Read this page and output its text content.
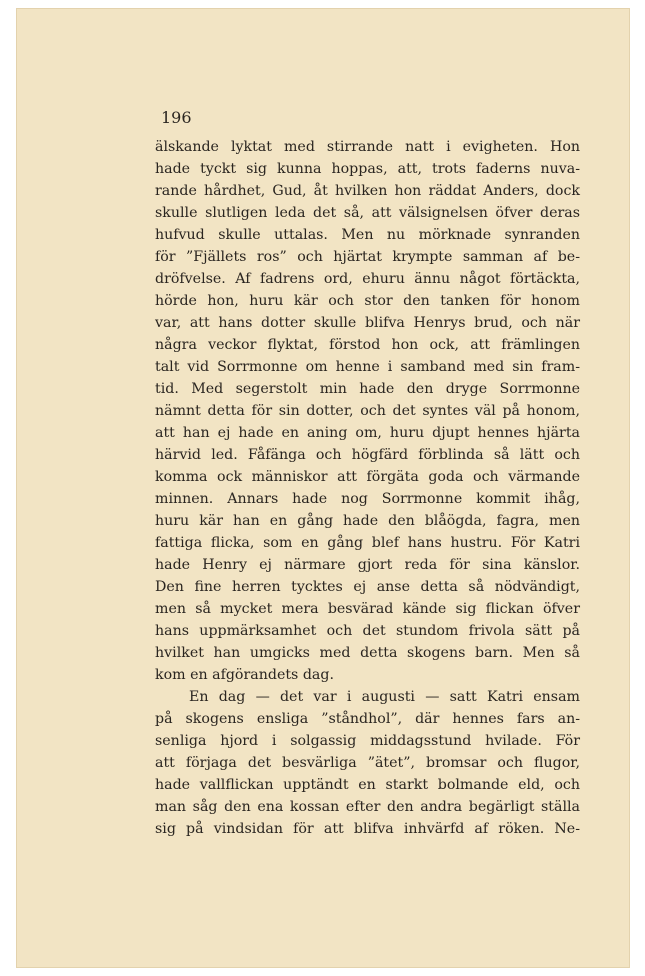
196
älskande lyktat med stirrande natt i evigheten. Hon
hade tyckt sig kunna hoppas, att, trots faderns nuva-
rande hårdhet, Gud, åt hvilken hon räddat Anders, dock
skulle slutligen leda det så, att välsignelsen öfver deras
hufvud skulle uttalas. Men nu mörknade synranden
för ”Fjällets ros” och hjärtat krympte samman af be-
dröfvelse. Af fadrens ord, ehuru ännu något förtäckta,
hörde hon, huru kär och stor den tanken för honom
var, att hans dotter skulle blifva Henrys brud, och när
några veckor flyktat, förstod hon ock, att främlingen
talt vid Sorrmonne om henne i samband med sin fram-
tid. Med segerstolt min hade den dryge Sorrmonne
nämnt detta för sin dotter, och det syntes väl på honom,
att han ej hade en aning om, huru djupt hennes hjärta
härvid led. Fåfänga och högfärd förblinda så lätt och
komma ock människor att förgäta goda och värmande
minnen. Annars hade nog Sorrmonne kommit ihåg,
huru kär han en gång hade den blåögda, fagra, men
fattiga flicka, som en gång blef hans hustru. För Katri
hade Henry ej närmare gjort reda för sina känslor.
Den fine herren tycktes ej anse detta så nödvändigt,
men så mycket mera besvärad kände sig flickan öfver
hans uppmärksamhet och det stundom frivola sätt på
hvilket han umgicks med detta skogens barn. Men så
kom en afgörandets dag.
En dag — det var i augusti — satt Katri ensam
på skogens ensliga ”ståndhol”, där hennes fars an-
senliga hjord i solgassig middagsstund hvilade. För
att förjaga det besvärliga ”ätet”, bromsar och flugor,
hade vallflickan upptändt en starkt bolmande eld, och
man såg den ena kossan efter den andra begärligt ställa
sig på vindsidan för att blifva inhvärfd af röken. Ne-
